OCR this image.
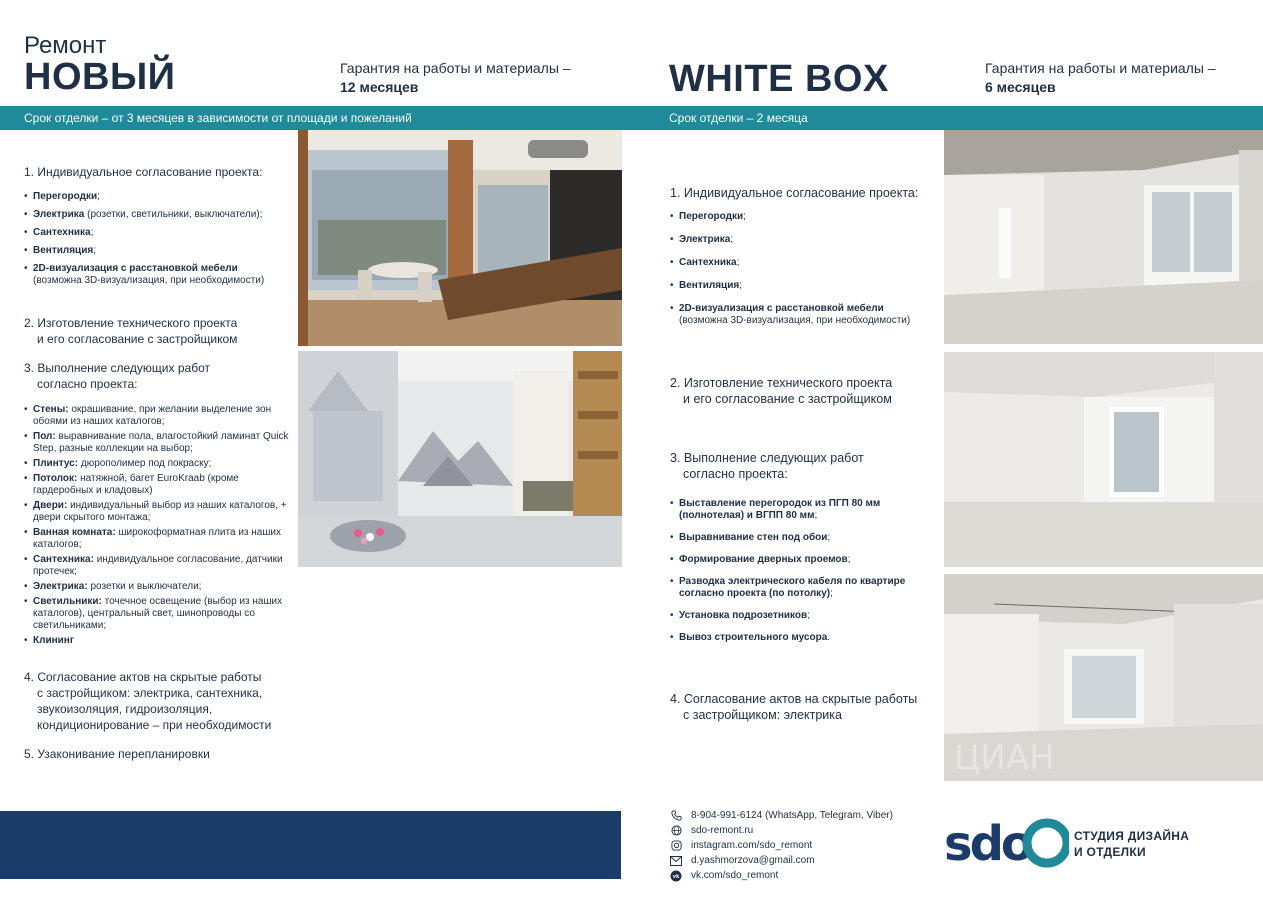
Ремонт
НОВЫЙ	Гарантия на работы и материалы –
12 месяцев	WHITE BOX	Гарантия на работы и материалы –
6 месяцев
Срок отделки – от 3 месяцев в зависимости от площади и пожеланий	Срок отделки – 2 месяца
1. Индивидуальное согласование проекта:
• Перегородки;
• Электрика (розетки, светильники, выключатели);
• Сантехника;
• Вентиляция;
• 2D-визуализация с расстановкой мебели
(возможна 3D-визуализация, при необходимости)
2. Изготовление технического проекта
и его согласование с застройщиком
3. Выполнение следующих работ
согласно проекта:
• Стены: окрашивание, при желании выделение зон обоями из наших каталогов;
• Пол: выравнивание пола, влагостойкий ламинат Quick Step, разные коллекции на выбор;
• Плинтус: дюрополимер под покраску;
• Потолок: натяжной, багет EuroKraab (кроме гардеробных и кладовых)
• Двери: индивидуальный выбор из наших каталогов, + двери скрытого монтажа;
• Ванная комната: широкоформатная плита из наших каталогов;
• Сантехника: индивидуальное согласование, датчики протечек;
• Электрика: розетки и выключатели;
• Светильники: точечное освещение (выбор из наших каталогов), центральный свет, шинопроводы со светильниками;
• Клининг
4. Согласование актов на скрытые работы
с застройщиком: электрика, сантехника,
звукоизоляция, гидроизоляция,
кондиционирование – при необходимости
5. Узаконивание перепланировки	ЦИАН
1. Индивидуальное согласование проекта:
• Перегородки;
• Электрика;
• Сантехника;
• Вентиляция;
• 2D-визуализация с расстановкой мебели
(возможна 3D-визуализация, при необходимости)
2. Изготовление технического проекта
и его согласование с застройщиком
3. Выполнение следующих работ
согласно проекта:
• Выставление перегородок из ПГП 80 мм (полнотелая) и ВГПП 80 мм;
• Выравнивание стен под обои;
• Формирование дверных проемов;
• Разводка электрического кабеля по квартире согласно проекта (по потолку);
• Установка подрозетников;
• Вывоз строительного мусора.
4. Согласование актов на скрытые работы
с застройщиком: электрика
8-904-991-6124 (WhatsApp, Telegram, Viber)
sdo-remont.ru
instagram.com/sdo_remont
d.yashmorzova@gmail.com
vk vk.com/sdo_remont
sdo	СТУДИЯ ДИЗАЙНА
И ОТДЕЛКИ
